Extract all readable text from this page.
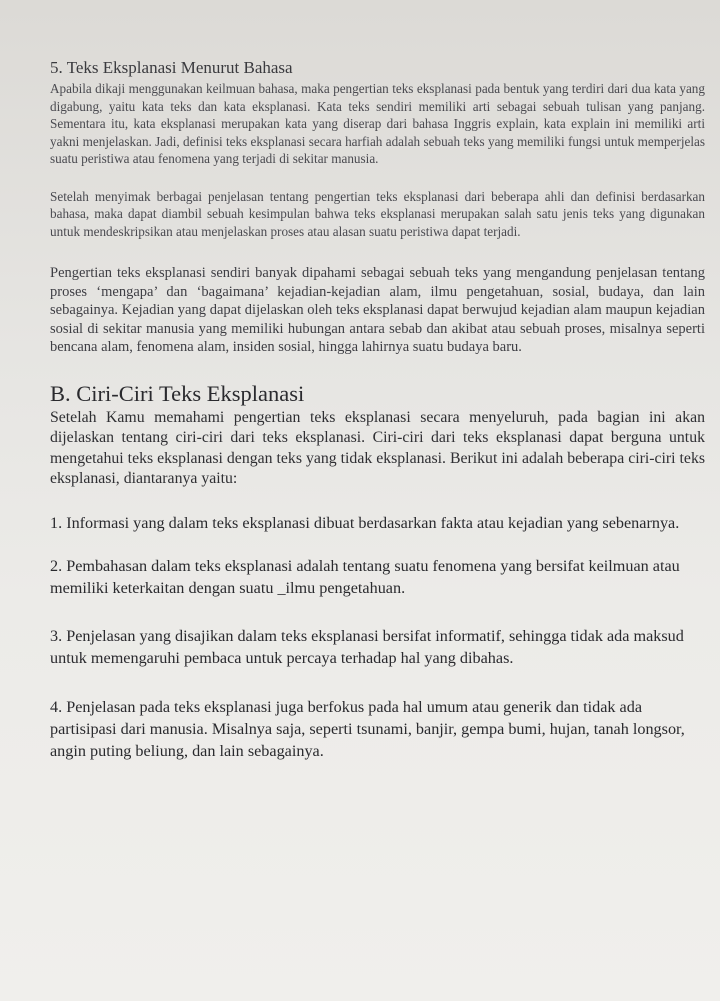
5. Teks Eksplanasi Menurut Bahasa

Apabila dikaji menggunakan keilmuan bahasa, maka pengertian teks eksplanasi pada bentuk yang terdiri dari dua kata yang digabung, yaitu kata teks dan kata eksplanasi. Kata teks sendiri memiliki arti sebagai sebuah tulisan yang panjang. Sementara itu, kata eksplanasi merupakan kata yang diserap dari bahasa Inggris explain, kata explain ini memiliki arti yakni menjelaskan. Jadi, definisi teks eksplanasi secara harfiah adalah sebuah teks yang memiliki fungsi untuk memperjelas suatu peristiwa atau fenomena yang terjadi di sekitar manusia.

Setelah menyimak berbagai penjelasan tentang pengertian teks eksplanasi dari beberapa ahli dan definisi berdasarkan bahasa, maka dapat diambil sebuah kesimpulan bahwa teks eksplanasi merupakan salah satu jenis teks yang digunakan untuk mendeskripsikan atau menjelaskan proses atau alasan suatu peristiwa dapat terjadi.

Pengertian teks eksplanasi sendiri banyak dipahami sebagai sebuah teks yang mengandung penjelasan tentang proses ‘mengapa’ dan ‘bagaimana’ kejadian-kejadian alam, ilmu pengetahuan, sosial, budaya, dan lain sebagainya. Kejadian yang dapat dijelaskan oleh teks eksplanasi dapat berwujud kejadian alam maupun kejadian sosial di sekitar manusia yang memiliki hubungan antara sebab dan akibat atau sebuah proses, misalnya seperti bencana alam, fenomena alam, insiden sosial, hingga lahirnya suatu budaya baru.

B. Ciri-Ciri Teks Eksplanasi

Setelah Kamu memahami pengertian teks eksplanasi secara menyeluruh, pada bagian ini akan dijelaskan tentang ciri-ciri dari teks eksplanasi. Ciri-ciri dari teks eksplanasi dapat berguna untuk mengetahui teks eksplanasi dengan teks yang tidak eksplanasi. Berikut ini adalah beberapa ciri-ciri teks eksplanasi, diantaranya yaitu:

1. Informasi yang dalam teks eksplanasi dibuat berdasarkan fakta atau kejadian yang sebenarnya.

2. Pembahasan dalam teks eksplanasi adalah tentang suatu fenomena yang bersifat keilmuan atau memiliki keterkaitan dengan suatu _ilmu pengetahuan.

3. Penjelasan yang disajikan dalam teks eksplanasi bersifat informatif, sehingga tidak ada maksud untuk memengaruhi pembaca untuk percaya terhadap hal yang dibahas.

4. Penjelasan pada teks eksplanasi juga berfokus pada hal umum atau generik dan tidak ada partisipasi dari manusia. Misalnya saja, seperti tsunami, banjir, gempa bumi, hujan, tanah longsor, angin puting beliung, dan lain sebagainya.
